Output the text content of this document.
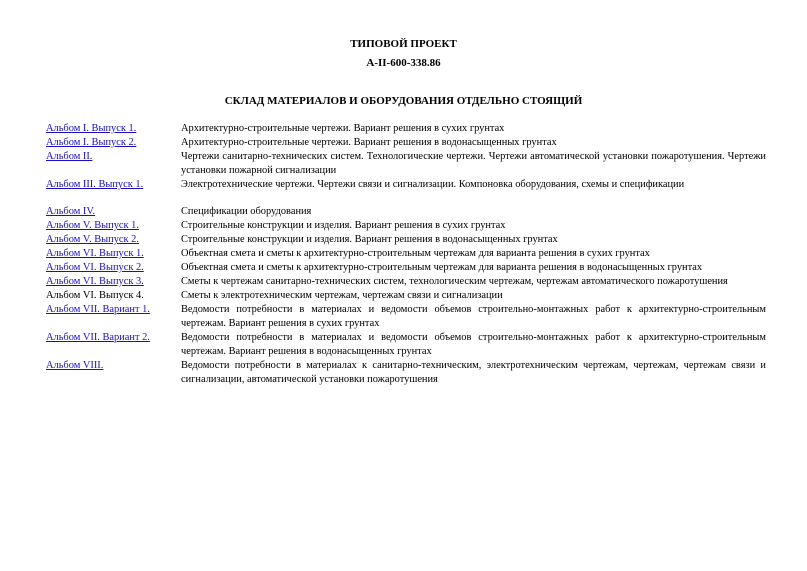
ТИПОВОЙ ПРОЕКТ

А-II-600-338.86

СКЛАД МАТЕРИАЛОВ И ОБОРУДОВАНИЯ ОТДЕЛЬНО СТОЯЩИЙ

Альбом I. Выпуск 1.	Архитектурно-строительные чертежи. Вариант решения в сухих грунтах
Альбом I. Выпуск 2.	Архитектурно-строительные чертежи. Вариант решения в водонасыщенных грунтах
Альбом II.	Чертежи санитарно-технических систем. Технологические чертежи. Чертежи автоматической установки пожаротушения. Чертежи установки пожарной сигнализации
Альбом III. Выпуск 1.	Электротехнические чертежи. Чертежи связи и сигнализации. Компоновка оборудования, схемы и спецификации
Альбом IV.	Спецификации оборудования
Альбом V. Выпуск 1.	Строительные конструкции и изделия. Вариант решения в сухих грунтах
Альбом V. Выпуск 2.	Строительные конструкции и изделия. Вариант решения в водонасыщенных грунтах
Альбом VI. Выпуск 1.	Объектная смета и сметы к архитектурно-строительным чертежам для варианта решения в сухих грунтах
Альбом VI. Выпуск 2.	Объектная смета и сметы к архитектурно-строительным чертежам для варианта решения в водонасыщенных грунтах
Альбом VI. Выпуск 3.	Сметы к чертежам санитарно-технических систем, технологическим чертежам, чертежам автоматического пожаротушения
Альбом VI. Выпуск 4.	Сметы к электротехническим чертежам, чертежам связи и сигнализации
Альбом VII. Вариант 1.	Ведомости потребности в материалах и ведомости объемов строительно-монтажных работ к архитектурно-строительным чертежам. Вариант решения в сухих грунтах
Альбом VII. Вариант 2.	Ведомости потребности в материалах и ведомости объемов строительно-монтажных работ к архитектурно-строительным чертежам. Вариант решения в водонасыщенных грунтах
Альбом VIII.	Ведомости потребности в материалах к санитарно-техническим, электротехническим чертежам, чертежам, чертежам связи и сигнализации, автоматической установки пожаротушения
